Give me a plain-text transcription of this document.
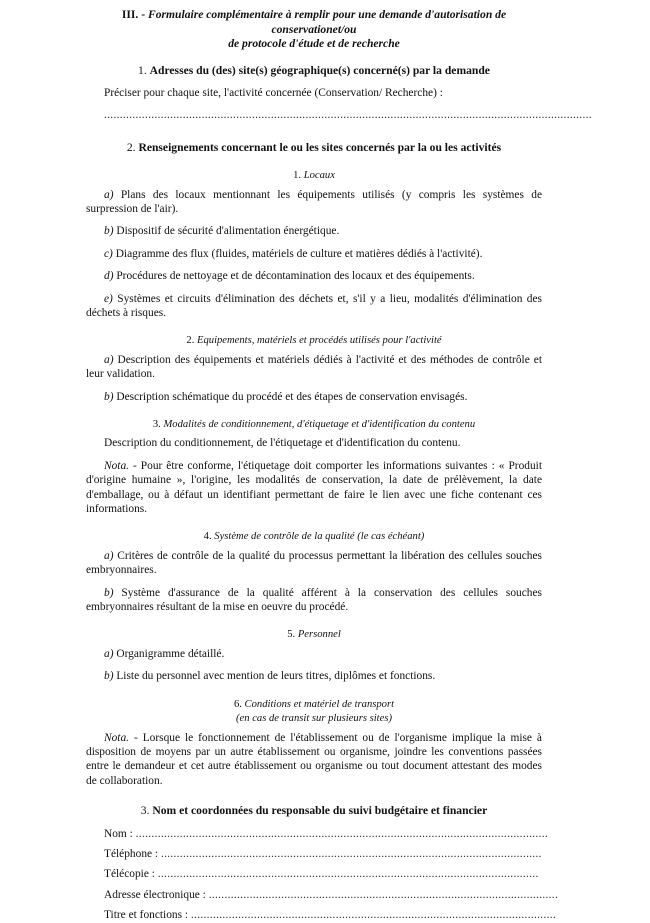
III. - Formulaire complémentaire à remplir pour une demande d'autorisation de conservationet/ou
de protocole d'étude et de recherche

1. Adresses du (des) site(s) géographique(s) concerné(s) par la demande

Préciser pour chaque site, l'activité concernée (Conservation/ Recherche) :

...........................................................................................................................................................

2. Renseignements concernant le ou les sites concernés par la ou les activités

1. Locaux

a) Plans des locaux mentionnant les équipements utilisés (y compris les systèmes de surpression de l'air).

b) Dispositif de sécurité d'alimentation énergétique.

c) Diagramme des flux (fluides, matériels de culture et matières dédiés à l'activité).

d) Procédures de nettoyage et de décontamination des locaux et des équipements.

e) Systèmes et circuits d'élimination des déchets et, s'il y a lieu, modalités d'élimination des déchets à risques.

2. Equipements, matériels et procédés utilisés pour l'activité

a) Description des équipements et matériels dédiés à l'activité et des méthodes de contrôle et leur validation.

b) Description schématique du procédé et des étapes de conservation envisagés.

3. Modalités de conditionnement, d'étiquetage et d'identification du contenu

Description du conditionnement, de l'étiquetage et d'identification du contenu.

Nota. - Pour être conforme, l'étiquetage doit comporter les informations suivantes : « Produit d'origine humaine », l'origine, les modalités de conservation, la date de prélèvement, la date d'emballage, ou à défaut un identifiant permettant de faire le lien avec une fiche contenant ces informations.

4. Système de contrôle de la qualité (le cas échéant)

a) Critères de contrôle de la qualité du processus permettant la libération des cellules souches embryonnaires.

b) Système d'assurance de la qualité afférent à la conservation des cellules souches embryonnaires résultant de la mise en oeuvre du procédé.

5. Personnel

a) Organigramme détaillé.

b) Liste du personnel avec mention de leurs titres, diplômes et fonctions.

6. Conditions et matériel de transport
(en cas de transit sur plusieurs sites)

Nota. - Lorsque le fonctionnement de l'établissement ou de l'organisme implique la mise à disposition de moyens par un autre établissement ou organisme, joindre les conventions passées entre le demandeur et cet autre établissement ou organisme ou tout document attestant des modes de collaboration.

3. Nom et coordonnées du responsable du suivi budgétaire et financier

Nom : ...................................................................................................................................

Téléphone : .........................................................................................................................

Télécopie : .........................................................................................................................

Adresse électronique : ...............................................................................................................

Titre et fonctions : ....................................................................................................................
